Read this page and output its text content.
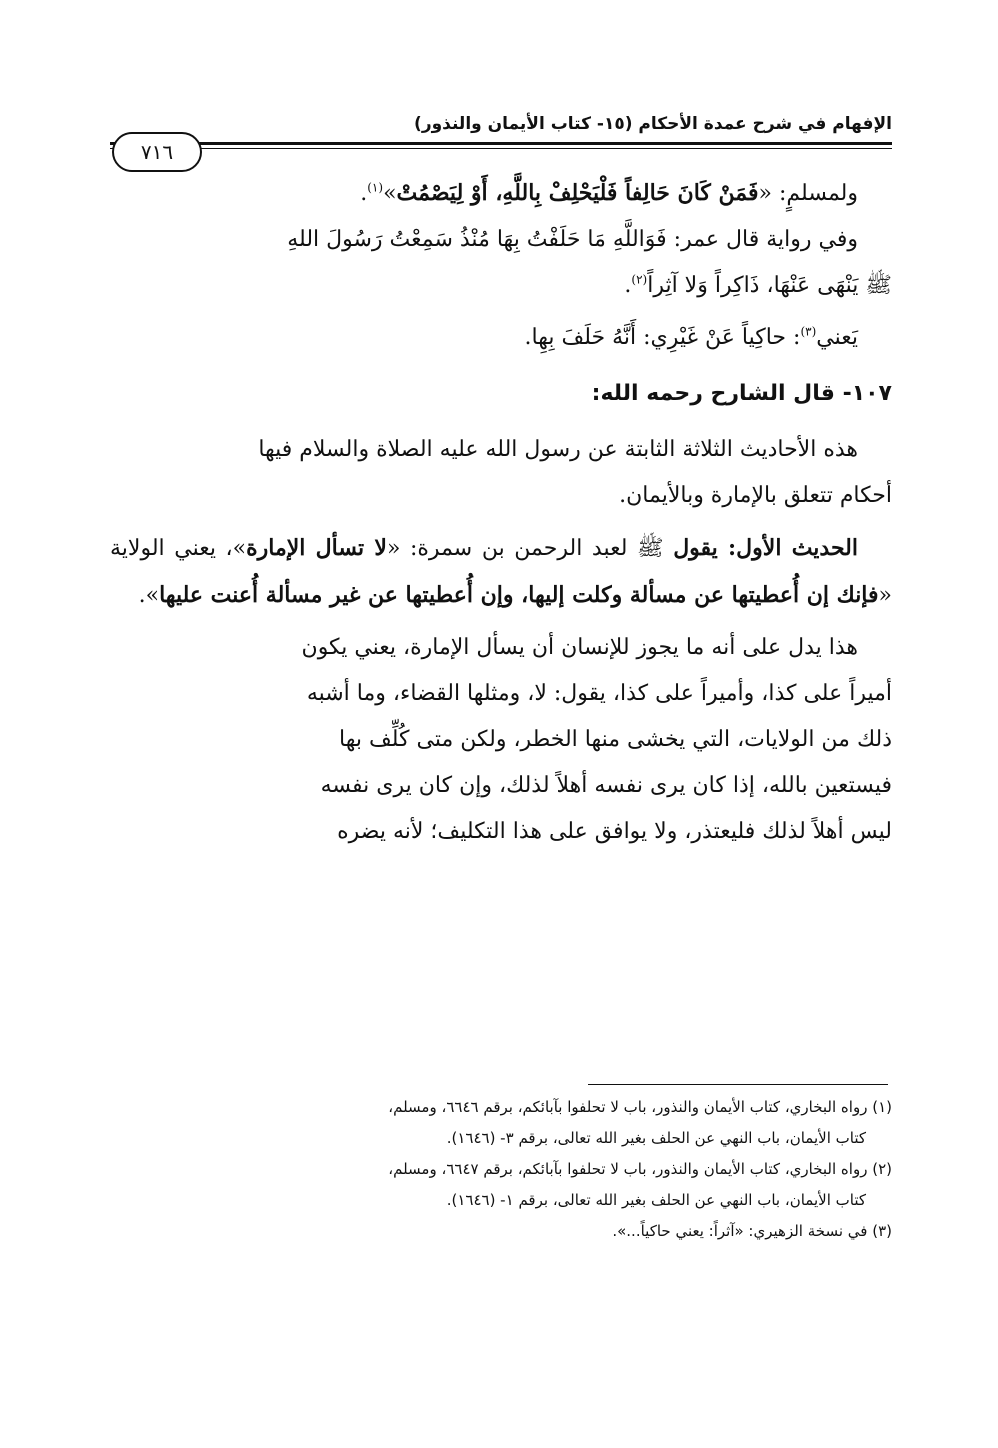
الإفهام في شرح عمدة الأحكام (١٥- كتاب الأيمان والنذور)
٧١٦

ولمسلمٍ: «فَمَنْ كَانَ حَالِفاً فَلْيَحْلِفْ بِاللَّهِ، أَوْ لِيَصْمُتْ»$^{(١)}$.

وفي رواية قال عمر: فَوَاللَّهِ مَا حَلَفْتُ بِهَا مُنْذُ سَمِعْتُ رَسُولَ اللهِ

ﷺ يَنْهَى عَنْهَا، ذَاكِراً وَلا آثِراً$^{(٢)}$.

يَعني$^{(٣)}$: حاكِياً عَنْ غَيْرِي: أَنَّهُ حَلَفَ بِهِا.

١٠٧- قال الشارح رحمه الله:

هذه الأحاديث الثلاثة الثابتة عن رسول الله عليه الصلاة والسلام فيها

أحكام تتعلق بالإمارة وبالأيمان.

الحديث الأول: يقول ﷺ لعبد الرحمن بن سمرة: «لا تسأل الإمارة»، يعني الولاية «فإنك إن أُعطيتها عن مسألة وكلت إليها، وإن أُعطيتها عن غير مسألة أُعنت عليها».

هذا يدل على أنه ما يجوز للإنسان أن يسأل الإمارة، يعني يكون

أميراً على كذا، وأميراً على كذا، يقول: لا، ومثلها القضاء، وما أشبه

ذلك من الولايات، التي يخشى منها الخطر، ولكن متى كُلِّف بها

فيستعين بالله، إذا كان يرى نفسه أهلاً لذلك، وإن كان يرى نفسه

ليس أهلاً لذلك فليعتذر، ولا يوافق على هذا التكليف؛ لأنه يضره

(١) رواه البخاري، كتاب الأيمان والنذور، باب لا تحلفوا بآبائكم، برقم ٦٦٤٦، ومسلم،

كتاب الأيمان، باب النهي عن الحلف بغير الله تعالى، برقم ٣- (١٦٤٦).

(٢) رواه البخاري، كتاب الأيمان والنذور، باب لا تحلفوا بآبائكم، برقم ٦٦٤٧، ومسلم،

كتاب الأيمان، باب النهي عن الحلف بغير الله تعالى، برقم ١- (١٦٤٦).

(٣) في نسخة الزهيري: «آثراً: يعني حاكياً...».
